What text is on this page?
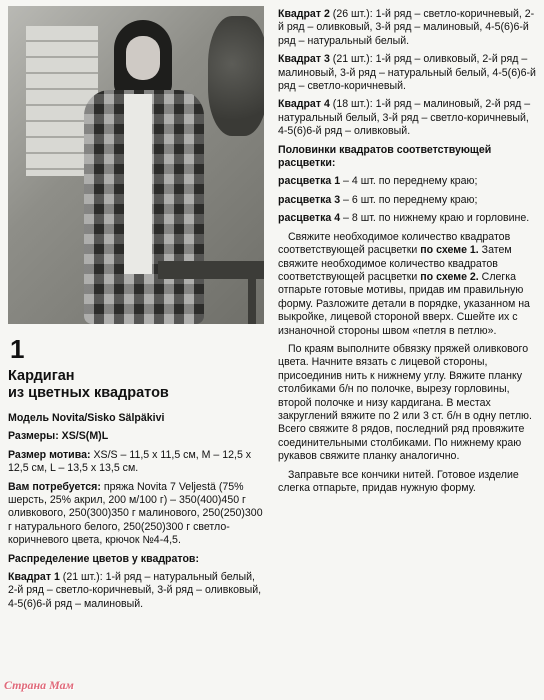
1
Кардиган
из цветных квадратов

Модель Novita/Sisko Sälpäkivi

Размеры: XS/S(M)L

Размер мотива: XS/S – 11,5 x 11,5 см, M – 12,5 x 12,5 см, L – 13,5 x 13,5 см.

Вам потребуется: пряжа Novita 7 Veljestä (75% шерсть, 25% акрил, 200 м/100 г) – 350(400)450 г оливкового, 250(300)350 г малинового, 250(250)300 г натурального белого, 250(250)300 г светло-коричневого цвета, крючок №4-4,5.

Распределение цветов у квадратов:

Квадрат 1 (21 шт.): 1-й ряд – натуральный белый, 2-й ряд – светло-коричневый, 3-й ряд – оливковый, 4-5(6)6-й ряд – малиновый.

Квадрат 2 (26 шт.): 1-й ряд – светло-коричневый, 2-й ряд – оливковый, 3-й ряд – малиновый, 4-5(6)6-й ряд – натуральный белый.

Квадрат 3 (21 шт.): 1-й ряд – оливковый, 2-й ряд – малиновый, 3-й ряд – натуральный белый, 4-5(6)6-й ряд – светло-коричневый.

Квадрат 4 (18 шт.): 1-й ряд – малиновый, 2-й ряд – натуральный белый, 3-й ряд – светло-коричневый, 4-5(6)6-й ряд – оливковый.

Половинки квадратов соответствующей расцветки:

расцветка 1 – 4 шт. по переднему краю;

расцветка 3 – 6 шт. по переднему краю;

расцветка 4 – 8 шт. по нижнему краю и горловине.

Свяжите необходимое количество квадратов соответствующей расцветки по схеме 1. Затем свяжите необходимое количество квадратов соответствующей расцветки по схеме 2. Слегка отпарьте готовые мотивы, придав им правильную форму. Разложите детали в порядке, указанном на выкройке, лицевой стороной вверх. Сшейте их с изнаночной стороны швом «петля в петлю».

По краям выполните обвязку пряжей оливкового цвета. Начните вязать с лицевой стороны, присоединив нить к нижнему углу. Вяжите планку столбиками б/н по полочке, вырезу горловины, второй полочке и низу кардигана. В местах закруглений вяжите по 2 или 3 ст. б/н в одну петлю. Всего свяжите 8 рядов, последний ряд провяжите соединительными столбиками. По нижнему краю рукавов свяжите планку аналогично.

Заправьте все кончики нитей. Готовое изделие слегка отпарьте, придав нужную форму.

Страна Мам
